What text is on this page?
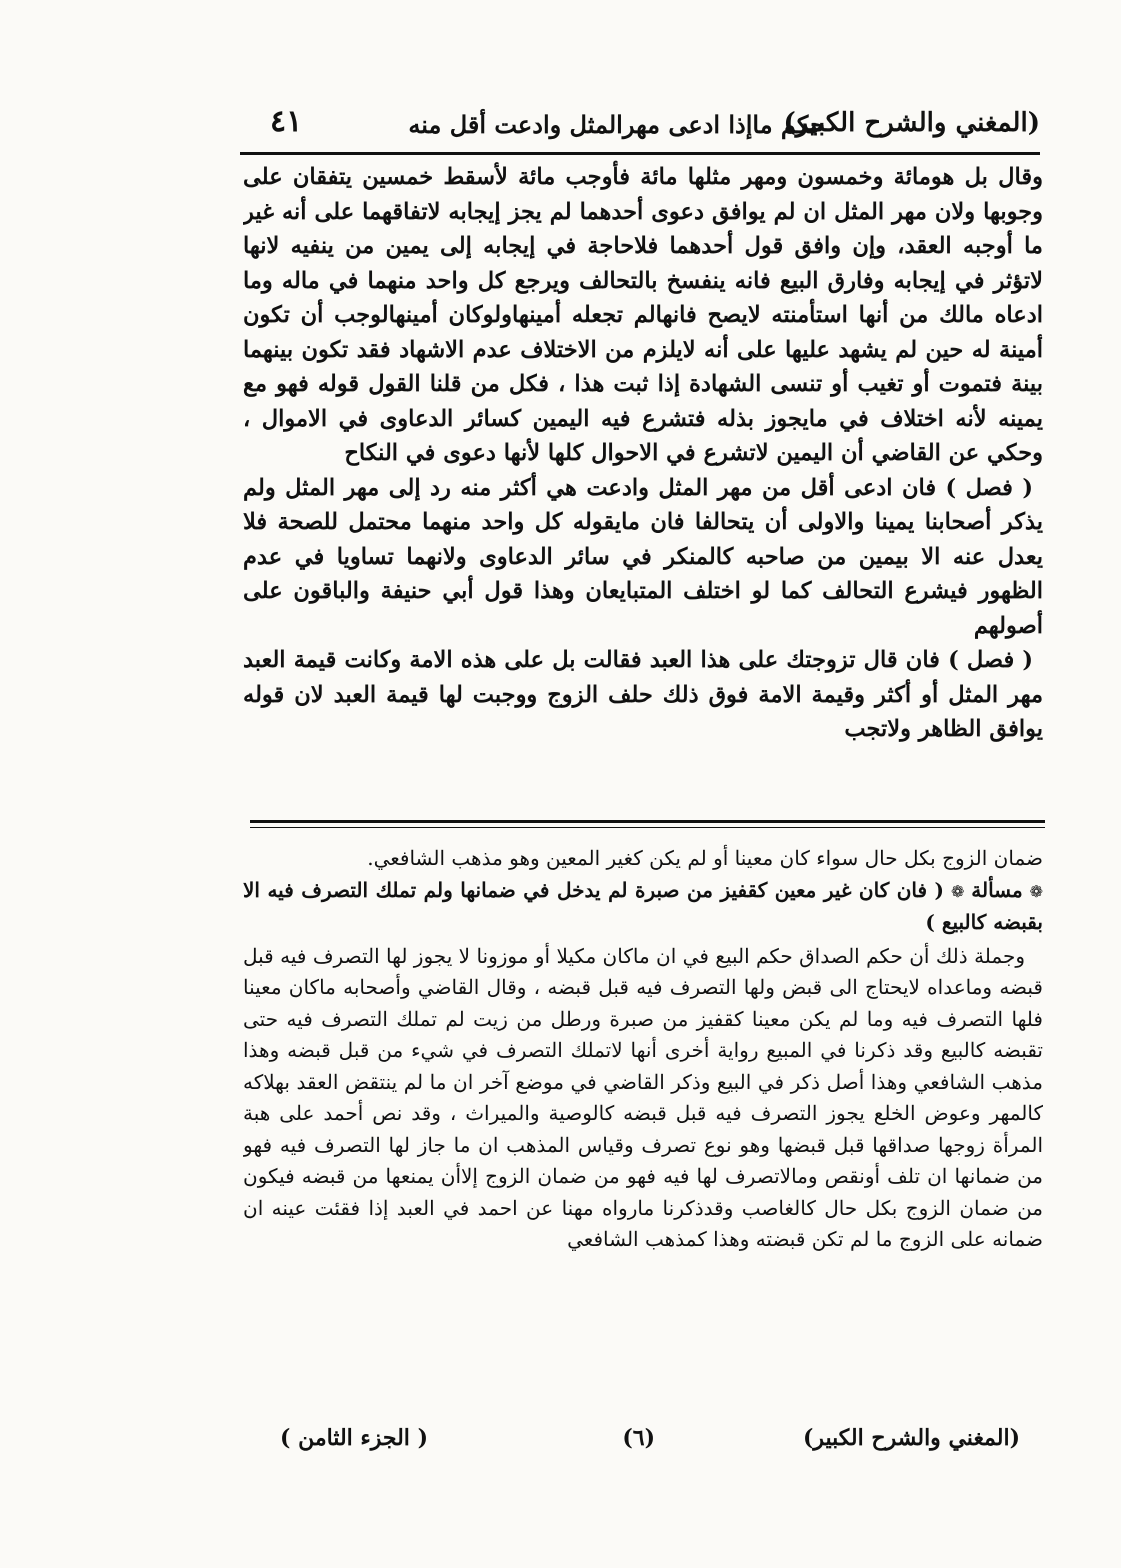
(المغني والشرح الكبير)
حكم ماإذا ادعى مهرالمثل وادعت أقل منه
٤١

وقال بل هومائة وخمسون ومهر مثلها مائة فأوجب مائة لأسقط خمسين يتفقان على وجوبها ولان مهر المثل ان لم يوافق دعوى أحدهما لم يجز إيجابه لاتفاقهما على أنه غير ما أوجبه العقد، وإن وافق قول أحدهما فلاحاجة في إيجابه إلى يمين من ينفيه لانها لاتؤثر في إيجابه وفارق البيع فانه ينفسخ بالتحالف ويرجع كل واحد منهما في ماله وما ادعاه مالك من أنها استأمنته لايصح فانهالم تجعله أمينهاولوكان أمينهالوجب أن تكون أمينة له حين لم يشهد عليها على أنه لايلزم من الاختلاف عدم الاشهاد فقد تكون بينهما بينة فتموت أو تغيب أو تنسى الشهادة إذا ثبت هذا ، فكل من قلنا القول قوله فهو مع يمينه لأنه اختلاف في مايجوز بذله فتشرع فيه اليمين كسائر الدعاوى في الاموال ، وحكي عن القاضي أن اليمين لاتشرع في الاحوال كلها لأنها دعوى في النكاح

( فصل ) فان ادعى أقل من مهر المثل وادعت هي أكثر منه رد إلى مهر المثل ولم يذكر أصحابنا يمينا والاولى أن يتحالفا فان مايقوله كل واحد منهما محتمل للصحة فلا يعدل عنه الا بيمين من صاحبه كالمنكر في سائر الدعاوى ولانهما تساويا في عدم الظهور فيشرع التحالف كما لو اختلف المتبايعان وهذا قول أبي حنيفة والباقون على أصولهم

( فصل ) فان قال تزوجتك على هذا العبد فقالت بل على هذه الامة وكانت قيمة العبد مهر المثل أو أكثر وقيمة الامة فوق ذلك حلف الزوج ووجبت لها قيمة العبد لان قوله يوافق الظاهر ولاتجب

ضمان الزوج بكل حال سواء كان معينا أو لم يكن كغير المعين وهو مذهب الشافعي.

❁ مسألة ❁ ( فان كان غير معين كقفيز من صبرة لم يدخل في ضمانها ولم تملك التصرف فيه الا بقبضه كالبيع )

وجملة ذلك أن حكم الصداق حكم البيع في ان ماكان مكيلا أو موزونا لا يجوز لها التصرف فيه قبل قبضه وماعداه لايحتاج الى قبض ولها التصرف فيه قبل قبضه ، وقال القاضي وأصحابه ماكان معينا فلها التصرف فيه وما لم يكن معينا كقفيز من صبرة ورطل من زيت لم تملك التصرف فيه حتى تقبضه كالبيع وقد ذكرنا في المبيع رواية أخرى أنها لاتملك التصرف في شيء من قبل قبضه وهذا مذهب الشافعي وهذا أصل ذكر في البيع وذكر القاضي في موضع آخر ان ما لم ينتقض العقد بهلاكه كالمهر وعوض الخلع يجوز التصرف فيه قبل قبضه كالوصية والميراث ، وقد نص أحمد على هبة المرأة زوجها صداقها قبل قبضها وهو نوع تصرف وقياس المذهب ان ما جاز لها التصرف فيه فهو من ضمانها ان تلف أونقص ومالاتصرف لها فيه فهو من ضمان الزوج إلاأن يمنعها من قبضه فيكون من ضمان الزوج بكل حال كالغاصب وقدذكرنا مارواه مهنا عن احمد في العبد إذا فقئت عينه ان ضمانه على الزوج ما لم تكن قبضته وهذا كمذهب الشافعي

(المغني والشرح الكبير)
(٦)
( الجزء الثامن )
